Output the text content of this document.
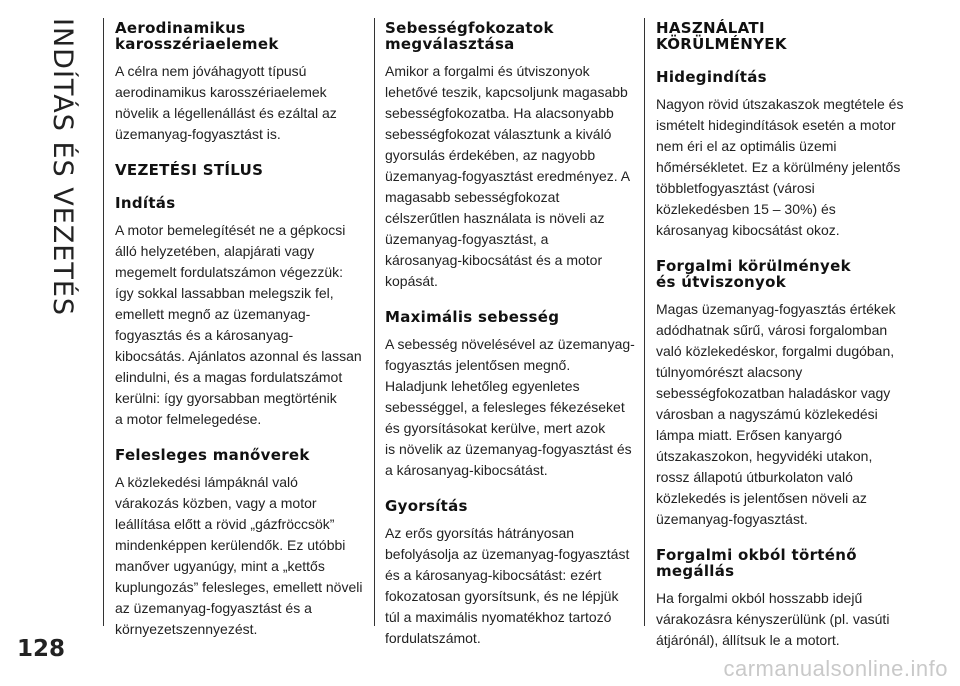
INDÍTÁS ÉS VEZETÉS
128
Aerodinamikus
karosszériaelemek

A célra nem jóváhagyott típusú
aerodinamikus karosszériaelemek
növelik a légellenállást és ezáltal az
üzemanyag-fogyasztást is.

VEZETÉSI STÍLUS
Indítás

A motor bemelegítését ne a gépkocsi
álló helyzetében, alapjárati vagy
megemelt fordulatszámon végezzük:
így sokkal lassabban melegszik fel,
emellett megnő az üzemanyag-
fogyasztás és a károsanyag-
kibocsátás. Ajánlatos azonnal és lassan
elindulni, és a magas fordulatszámot
kerülni: így gyorsabban megtörténik
a motor felmelegedése.

Felesleges manőverek

A közlekedési lámpáknál való
várakozás közben, vagy a motor
leállítása előtt a rövid „gázfröccsök”
mindenképpen kerülendők. Ez utóbbi
manőver ugyanúgy, mint a „kettős
kuplungozás” felesleges, emellett növeli
az üzemanyag-fogyasztást és a
környezetszennyezést.

Sebességfokozatok
megválasztása

Amikor a forgalmi és útviszonyok
lehetővé teszik, kapcsoljunk magasabb
sebességfokozatba. Ha alacsonyabb
sebességfokozat választunk a kiváló
gyorsulás érdekében, az nagyobb
üzemanyag-fogyasztást eredményez. A
magasabb sebességfokozat
célszerűtlen használata is növeli az
üzemanyag-fogyasztást, a
károsanyag-kibocsátást és a motor
kopását.

Maximális sebesség

A sebesség növelésével az üzemanyag-
fogyasztás jelentősen megnő.
Haladjunk lehetőleg egyenletes
sebességgel, a felesleges fékezéseket
és gyorsításokat kerülve, mert azok
is növelik az üzemanyag-fogyasztást és
a károsanyag-kibocsátást.

Gyorsítás

Az erős gyorsítás hátrányosan
befolyásolja az üzemanyag-fogyasztást
és a károsanyag-kibocsátást: ezért
fokozatosan gyorsítsunk, és ne lépjük
túl a maximális nyomatékhoz tartozó
fordulatszámot.

HASZNÁLATI
KÖRÜLMÉNYEK
Hidegindítás

Nagyon rövid útszakaszok megtétele és
ismételt hidegindítások esetén a motor
nem éri el az optimális üzemi
hőmérsékletet. Ez a körülmény jelentős
többletfogyasztást (városi
közlekedésben 15 – 30%) és
károsanyag kibocsátást okoz.

Forgalmi körülmények
és útviszonyok

Magas üzemanyag-fogyasztás értékek
adódhatnak sűrű, városi forgalomban
való közlekedéskor, forgalmi dugóban,
túlnyomórészt alacsony
sebességfokozatban haladáskor vagy
városban a nagyszámú közlekedési
lámpa miatt. Erősen kanyargó
útszakaszokon, hegyvidéki utakon,
rossz állapotú útburkolaton való
közlekedés is jelentősen növeli az
üzemanyag-fogyasztást.

Forgalmi okból történő
megállás

Ha forgalmi okból hosszabb idejű
várakozásra kényszerülünk (pl. vasúti
átjárónál), állítsuk le a motort.

carmanualsonline.info
